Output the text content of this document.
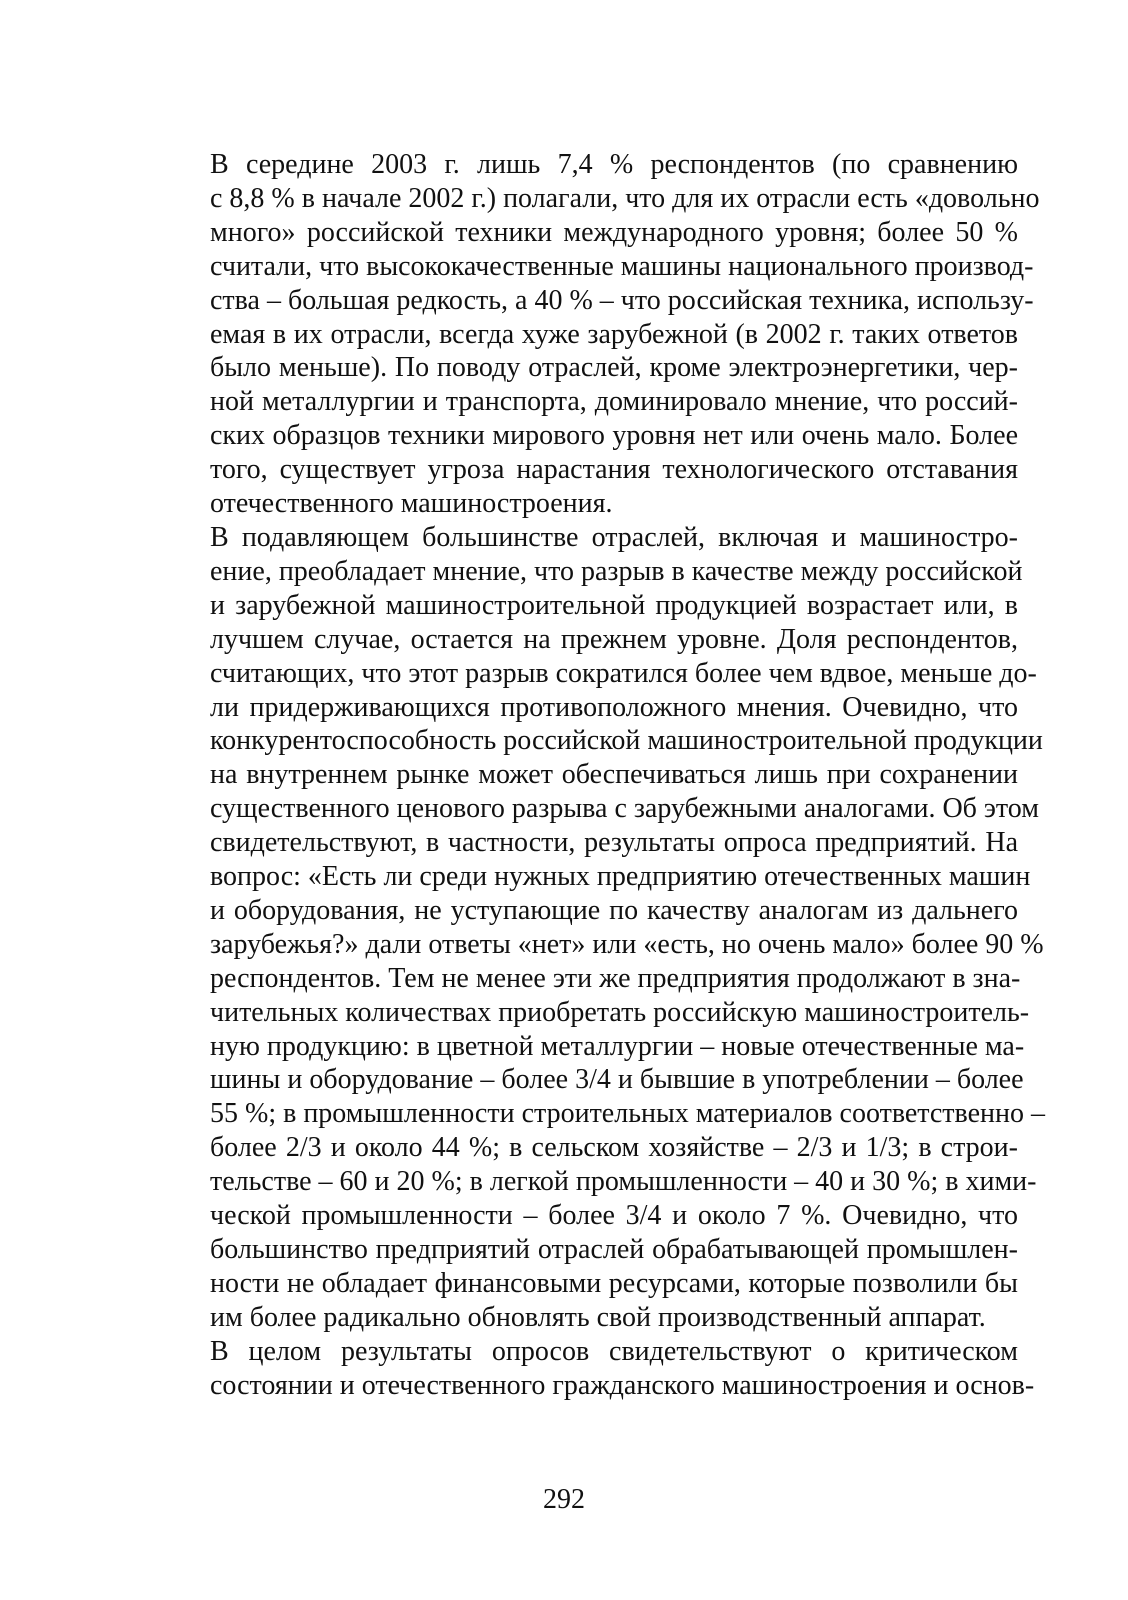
В середине 2003 г. лишь 7,4 % респондентов (по сравнению
с 8,8 % в начале 2002 г.) полагали, что для их отрасли есть «довольно
много» российской техники международного уровня; более 50 %
считали, что высококачественные машины национального производ-
ства – большая редкость, а 40 % – что российская техника, использу-
емая в их отрасли, всегда хуже зарубежной (в 2002 г. таких ответов
было меньше). По поводу отраслей, кроме электроэнергетики, чер-
ной металлургии и транспорта, доминировало мнение, что россий-
ских образцов техники мирового уровня нет или очень мало. Более
того, существует угроза нарастания технологического отставания
отечественного машиностроения.

В подавляющем большинстве отраслей, включая и машиностро-
ение, преобладает мнение, что разрыв в качестве между российской
и зарубежной машиностроительной продукцией возрастает или, в
лучшем случае, остается на прежнем уровне. Доля респондентов,
считающих, что этот разрыв сократился более чем вдвое, меньше до-
ли придерживающихся противоположного мнения. Очевидно, что
конкурентоспособность российской машиностроительной продукции
на внутреннем рынке может обеспечиваться лишь при сохранении
существенного ценового разрыва с зарубежными аналогами. Об этом
свидетельствуют, в частности, результаты опроса предприятий. На
вопрос: «Есть ли среди нужных предприятию отечественных машин
и оборудования, не уступающие по качеству аналогам из дальнего
зарубежья?» дали ответы «нет» или «есть, но очень мало» более 90 %
респондентов. Тем не менее эти же предприятия продолжают в зна-
чительных количествах приобретать российскую машиностроитель-
ную продукцию: в цветной металлургии – новые отечественные ма-
шины и оборудование – более 3/4 и бывшие в употреблении – более
55 %; в промышленности строительных материалов соответственно –
более 2/3 и около 44 %; в сельском хозяйстве – 2/3 и 1/3; в строи-
тельстве – 60 и 20 %; в легкой промышленности – 40 и 30 %; в хими-
ческой промышленности – более 3/4 и около 7 %. Очевидно, что
большинство предприятий отраслей обрабатывающей промышлен-
ности не обладает финансовыми ресурсами, которые позволили бы
им более радикально обновлять свой производственный аппарат.

В целом результаты опросов свидетельствуют о критическом
состоянии и отечественного гражданского машиностроения и основ-

292
